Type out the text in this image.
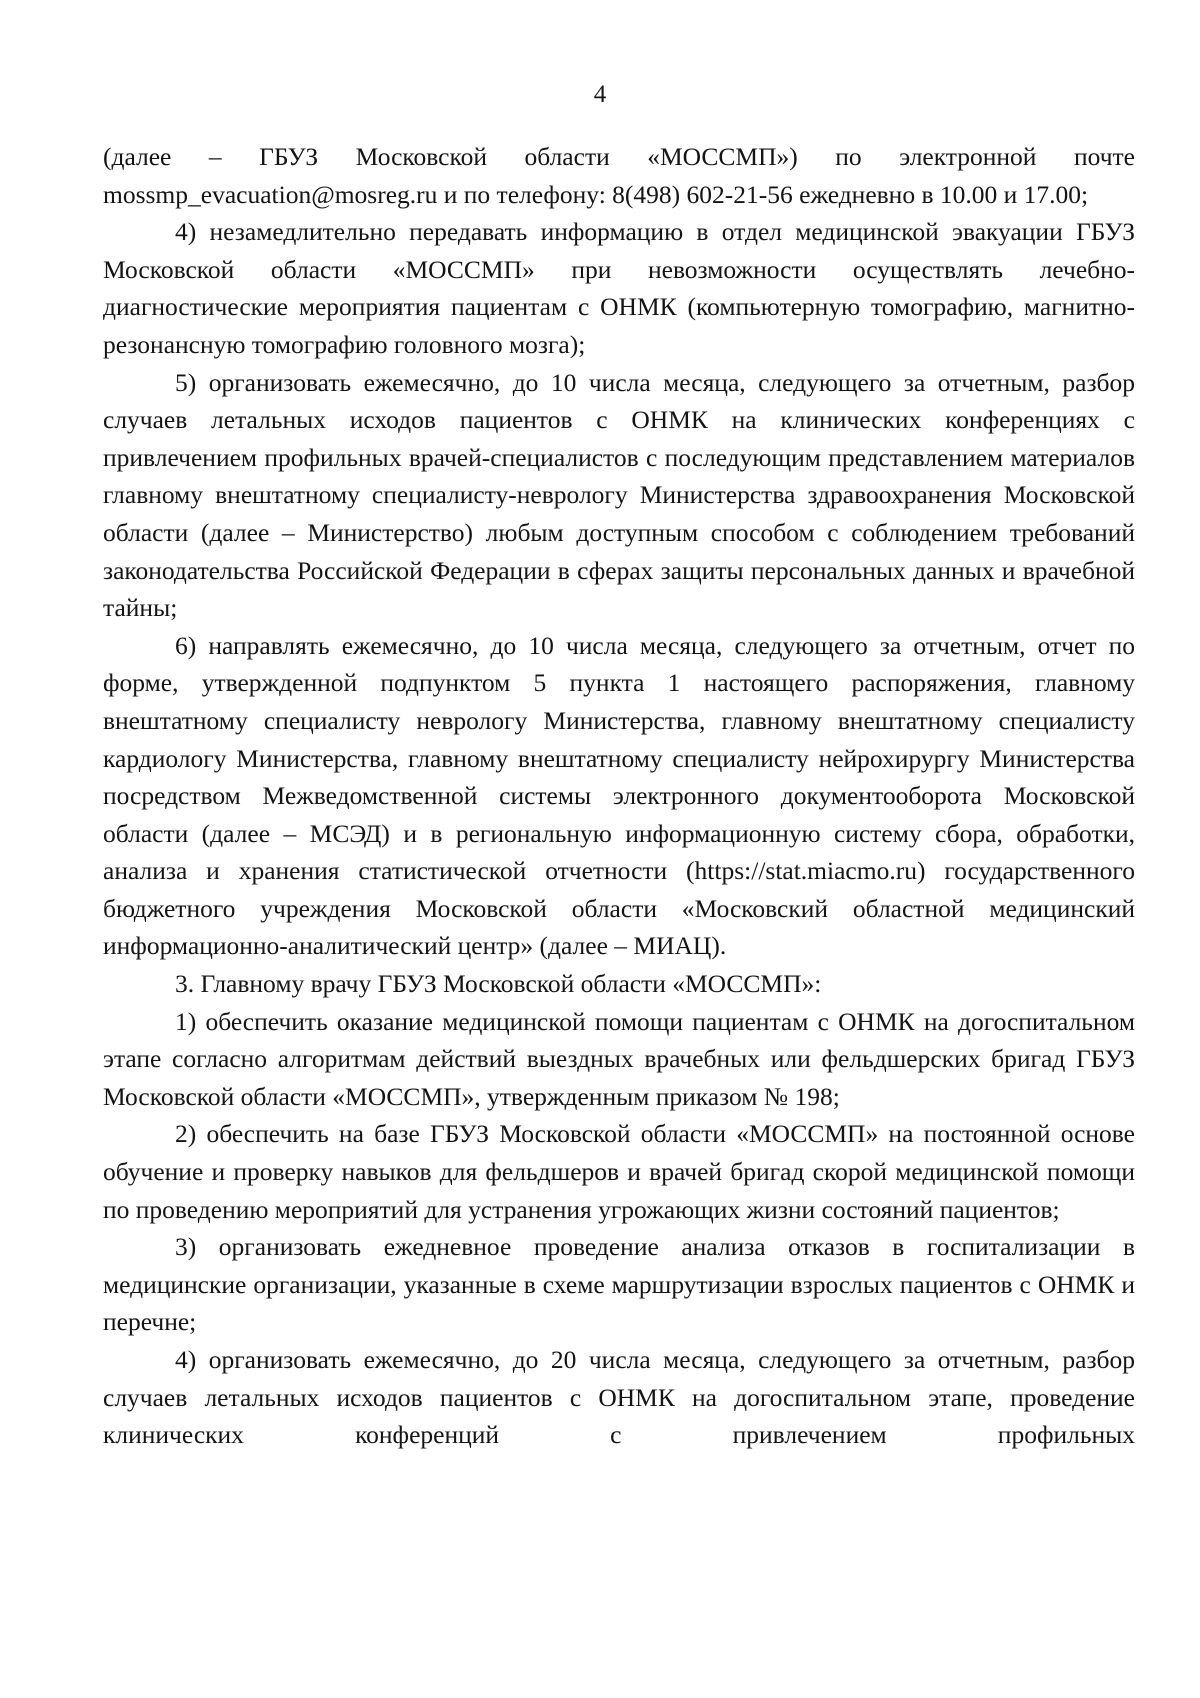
4

(далее – ГБУЗ Московской области «МОССМП») по электронной почте mossmp_evacuation@mosreg.ru и по телефону: 8(498) 602-21-56 ежедневно в 10.00 и 17.00;

4) незамедлительно передавать информацию в отдел медицинской эвакуации ГБУЗ Московской области «МОССМП» при невозможности осуществлять лечебно-диагностические мероприятия пациентам с ОНМК (компьютерную томографию, магнитно-резонансную томографию головного мозга);

5) организовать ежемесячно, до 10 числа месяца, следующего за отчетным, разбор случаев летальных исходов пациентов с ОНМК на клинических конференциях с привлечением профильных врачей-специалистов с последующим представлением материалов главному внештатному специалисту-неврологу Министерства здравоохранения Московской области (далее – Министерство) любым доступным способом с соблюдением требований законодательства Российской Федерации в сферах защиты персональных данных и врачебной тайны;

6) направлять ежемесячно, до 10 числа месяца, следующего за отчетным, отчет по форме, утвержденной подпунктом 5 пункта 1 настоящего распоряжения, главному внештатному специалисту неврологу Министерства, главному внештатному специалисту кардиологу Министерства, главному внештатному специалисту нейрохирургу Министерства посредством Межведомственной системы электронного документооборота Московской области (далее – МСЭД) и в региональную информационную систему сбора, обработки, анализа и хранения статистической отчетности (https://stat.miacmo.ru) государственного бюджетного учреждения Московской области «Московский областной медицинский информационно-аналитический центр» (далее – МИАЦ).

3. Главному врачу ГБУЗ Московской области «МОССМП»:

1) обеспечить оказание медицинской помощи пациентам с ОНМК на догоспитальном этапе согласно алгоритмам действий выездных врачебных или фельдшерских бригад ГБУЗ Московской области «МОССМП», утвержденным приказом № 198;

2) обеспечить на базе ГБУЗ Московской области «МОССМП» на постоянной основе обучение и проверку навыков для фельдшеров и врачей бригад скорой медицинской помощи по проведению мероприятий для устранения угрожающих жизни состояний пациентов;

3) организовать ежедневное проведение анализа отказов в госпитализации в медицинские организации, указанные в схеме маршрутизации взрослых пациентов с ОНМК и перечне;

4) организовать ежемесячно, до 20 числа месяца, следующего за отчетным, разбор случаев летальных исходов пациентов с ОНМК на догоспитальном этапе, проведение клинических конференций с привлечением профильных
